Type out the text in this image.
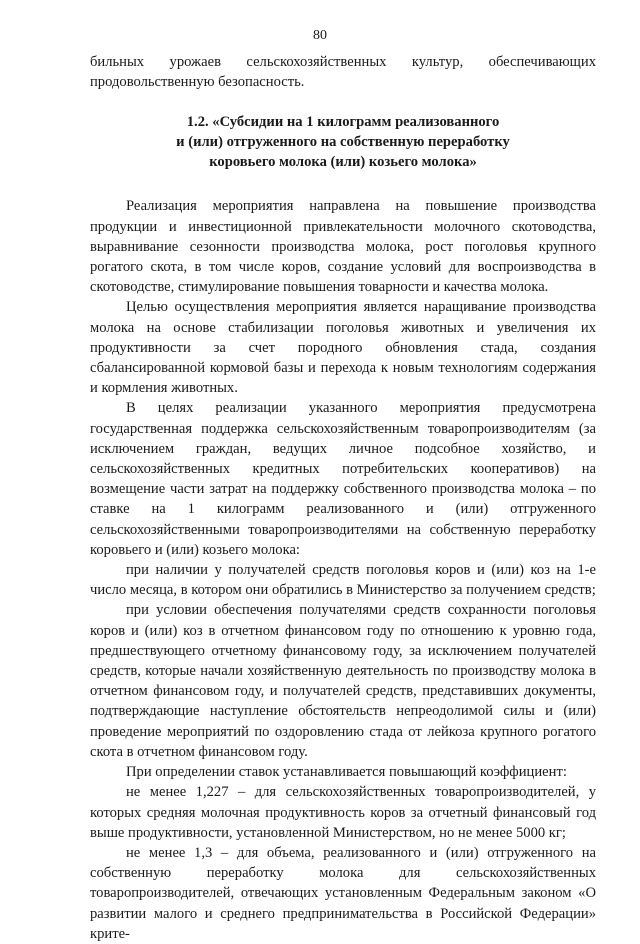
80

бильных урожаев сельскохозяйственных культур, обеспечивающих продовольственную безопасность.

1.2. «Субсидии на 1 килограмм реализованного
и (или) отгруженного на собственную переработку
коровьего молока (или) козьего молока»

Реализация мероприятия направлена на повышение производства продукции и инвестиционной привлекательности молочного скотоводства, выравнивание сезонности производства молока, рост поголовья крупного рогатого скота, в том числе коров, создание условий для воспроизводства в скотоводстве, стимулирование повышения товарности и качества молока.

Целью осуществления мероприятия является наращивание производства молока на основе стабилизации поголовья животных и увеличения их продуктивности за счет породного обновления стада, создания сбалансированной кормовой базы и перехода к новым технологиям содержания и кормления животных.

В целях реализации указанного мероприятия предусмотрена государственная поддержка сельскохозяйственным товаропроизводителям (за исключением граждан, ведущих личное подсобное хозяйство, и сельскохозяйственных кредитных потребительских кооперативов) на возмещение части затрат на поддержку собственного производства молока – по ставке на 1 килограмм реализованного и (или) отгруженного сельскохозяйственными товаропроизводителями на собственную переработку коровьего и (или) козьего молока:

при наличии у получателей средств поголовья коров и (или) коз на 1-е число месяца, в котором они обратились в Министерство за получением средств;

при условии обеспечения получателями средств сохранности поголовья коров и (или) коз в отчетном финансовом году по отношению к уровню года, предшествующего отчетному финансовому году, за исключением получателей средств, которые начали хозяйственную деятельность по производству молока в отчетном финансовом году, и получателей средств, представивших документы, подтверждающие наступление обстоятельств непреодолимой силы и (или) проведение мероприятий по оздоровлению стада от лейкоза крупного рогатого скота в отчетном финансовом году.

При определении ставок устанавливается повышающий коэффициент:

не менее 1,227 – для сельскохозяйственных товаропроизводителей, у которых средняя молочная продуктивность коров за отчетный финансовый год выше продуктивности, установленной Министерством, но не менее 5000 кг;

не менее 1,3 – для объема, реализованного и (или) отгруженного на собственную переработку молока для сельскохозяйственных товаропроизводителей, отвечающих установленным Федеральным законом «О развитии малого и среднего предпринимательства в Российской Федерации» крите-
